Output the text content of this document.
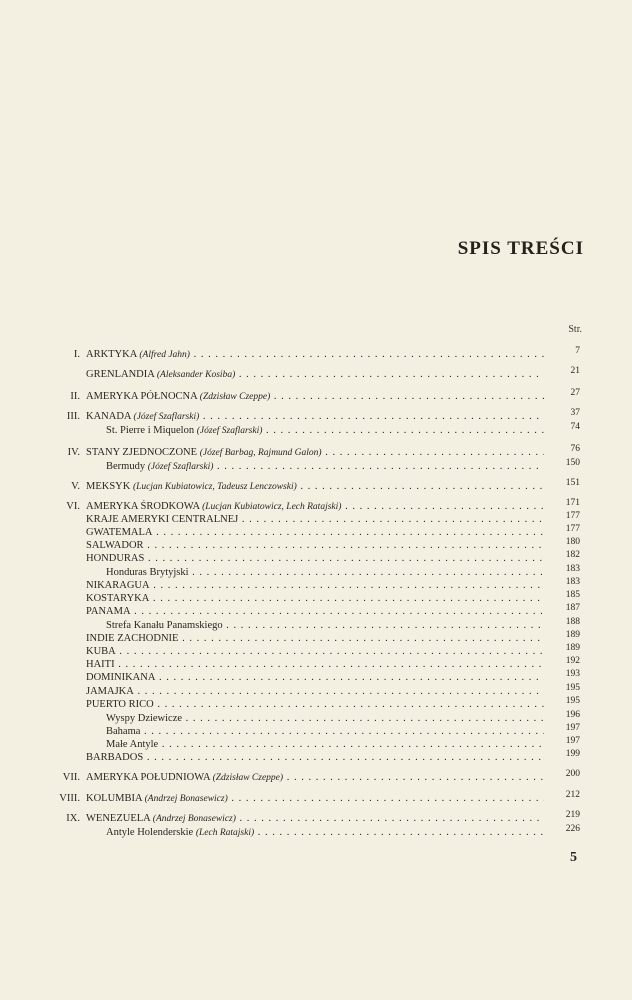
SPIS TREŚCI
Str.
I. ARKTYKA (Alfred Jahn) . . .	7
GRENLANDIA (Aleksander Kosiba) . . .	21
II. AMERYKA PÓŁNOCNA (Zdzisław Czeppe) . . .	27
III. KANADA (Józef Szaflarski) . . .	37
St. Pierre i Miquelon (Józef Szaflarski) . . .	74
IV. STANY ZJEDNOCZONE (Józef Barbag, Rajmund Galon) . . .	76
Bermudy (Józef Szaflarski) . . .	150
V. MEKSYK (Lucjan Kubiatowicz, Tadeusz Lenczowski) . . .	151
VI. AMERYKA ŚRODKOWA (Lucjan Kubiatowicz, Lech Ratajski) . . .	171
KRAJE AMERYKI CENTRALNEJ . . .	177
GWATEMALA . . .	177
SALWADOR . . .	180
HONDURAS . . .	182
Honduras Brytyjski . . .	183
NIKARAGUA . . .	183
KOSTARYKA . . .	185
PANAMA . . .	187
Strefa Kanału Panamskiego . . .	188
INDIE ZACHODNIE . . .	189
KUBA . . .	189
HAITI . . .	192
DOMINIKANA . . .	193
JAMAJKA . . .	195
PUERTO RICO . . .	195
Wyspy Dziewicze . . .	196
Bahama . . .	197
Małe Antyle . . .	197
BARBADOS . . .	199
VII. AMERYKA POŁUDNIOWA (Zdzisław Czeppe) . . .	200
VIII. KOLUMBIA (Andrzej Bonasewicz) . . .	212
IX. WENEZUELA (Andrzej Bonasewicz) . . .	219
Antyle Holenderskie (Lech Ratajski) . . .	226
5
